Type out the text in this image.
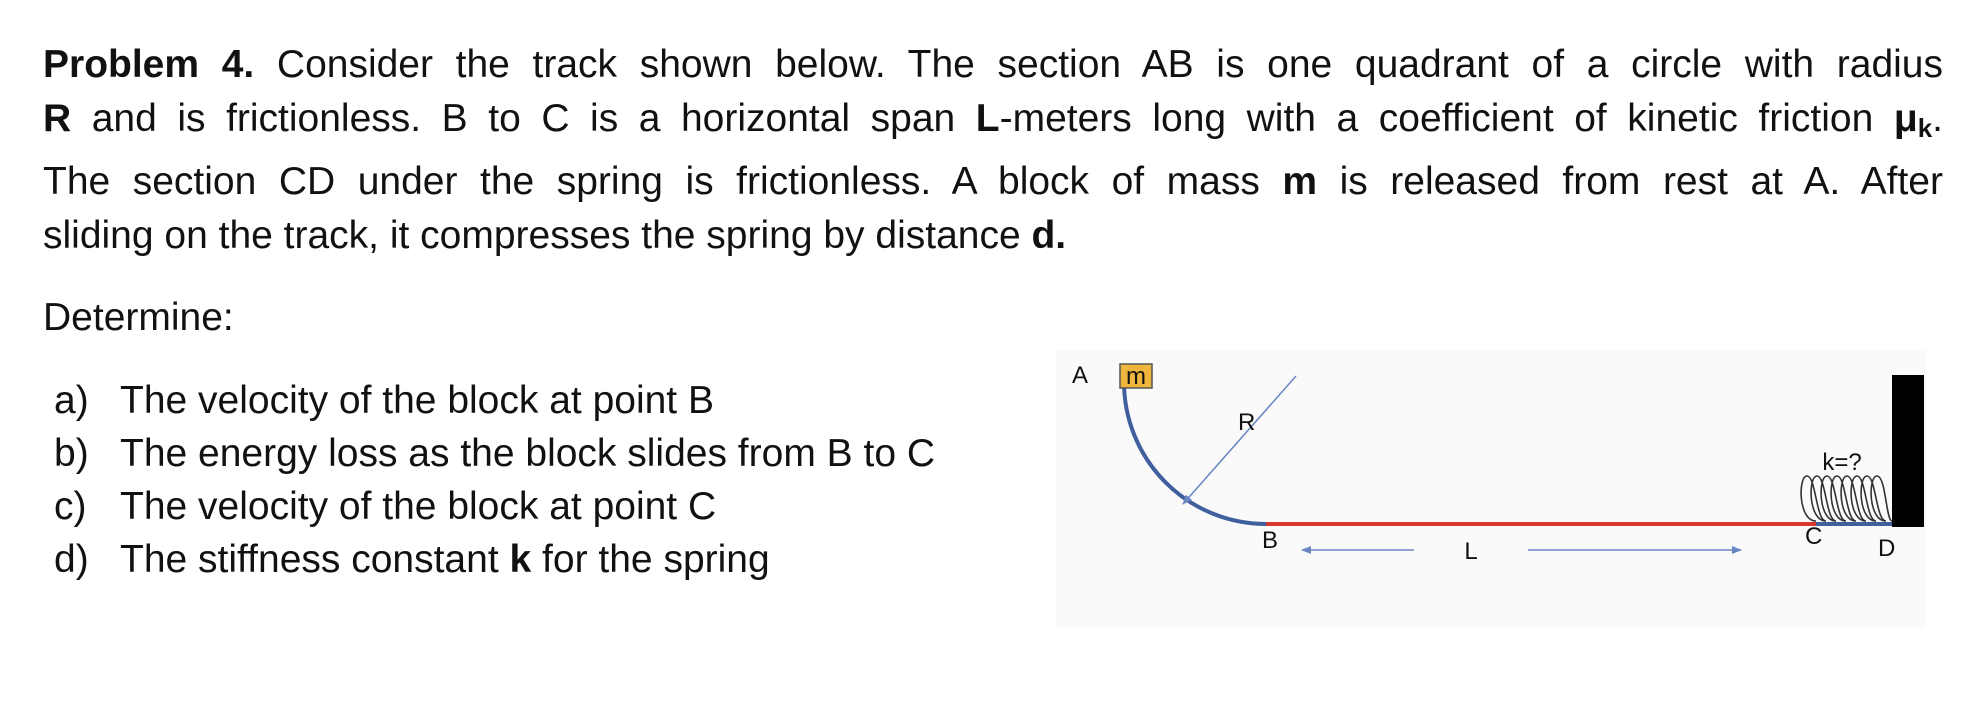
Problem 4. Consider the track shown below. The section AB is one quadrant of a circle with radius
R and is frictionless. B to C is a horizontal span L-meters long with a coefficient of kinetic friction $\mu_k$.
The section CD under the spring is frictionless. A block of mass m is released from rest at A. After
sliding on the track, it compresses the spring by distance d.

Determine:
a) The velocity of the block at point B
b) The energy loss as the block slides from B to C
c) The velocity of the block at point C
d) The stiffness constant k for the spring
m
R
L
k=?
A
B	C D
